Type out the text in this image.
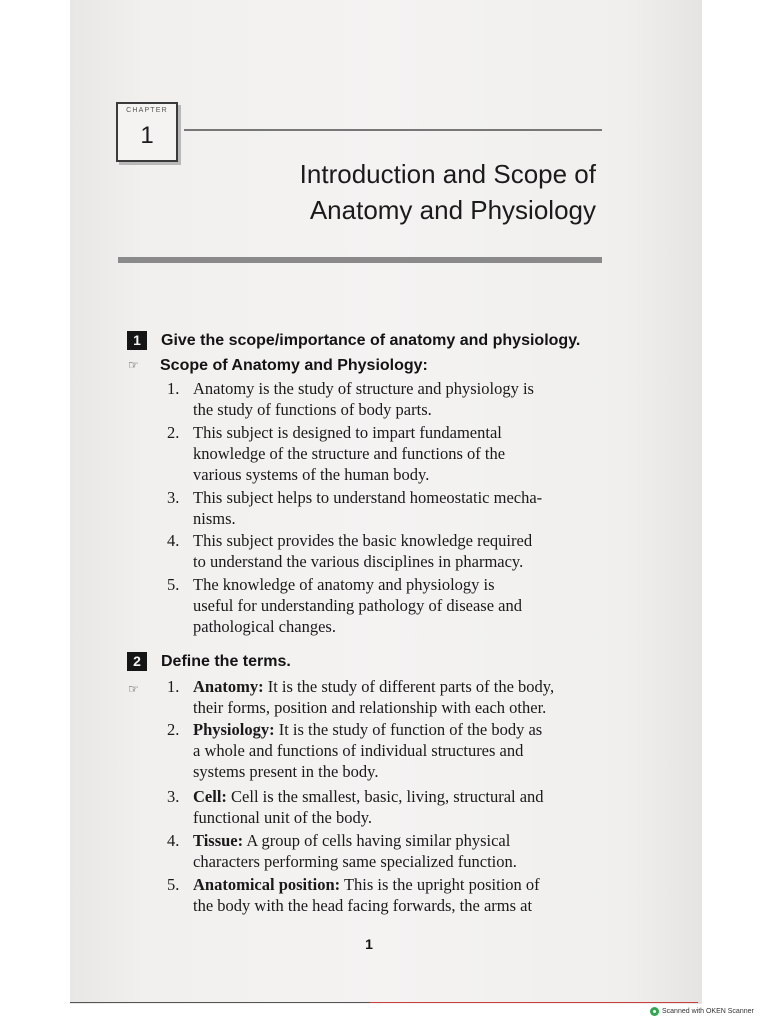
CHAPTER
1
Introduction and Scope of
Anatomy and Physiology
1	Give the scope/importance of anatomy and physiology.
☞ Scope of Anatomy and Physiology:
1. Anatomy is the study of structure and physiology is
the study of functions of body parts.
2. This subject is designed to impart fundamental
knowledge of the structure and functions of the
various systems of the human body.
3. This subject helps to understand homeostatic mecha-
nisms.
4. This subject provides the basic knowledge required
to understand the various disciplines in pharmacy.
5. The knowledge of anatomy and physiology is
useful for understanding pathology of disease and
pathological changes.
2	Define the terms.
☞ 1. Anatomy: It is the study of different parts of the body,
their forms, position and relationship with each other.
2. Physiology: It is the study of function of the body as
a whole and functions of individual structures and
systems present in the body.
3. Cell: Cell is the smallest, basic, living, structural and
functional unit of the body.
4. Tissue: A group of cells having similar physical
characters performing same specialized function.
5. Anatomical position: This is the upright position of
the body with the head facing forwards, the arms at
1
Scanned with OKEN Scanner
